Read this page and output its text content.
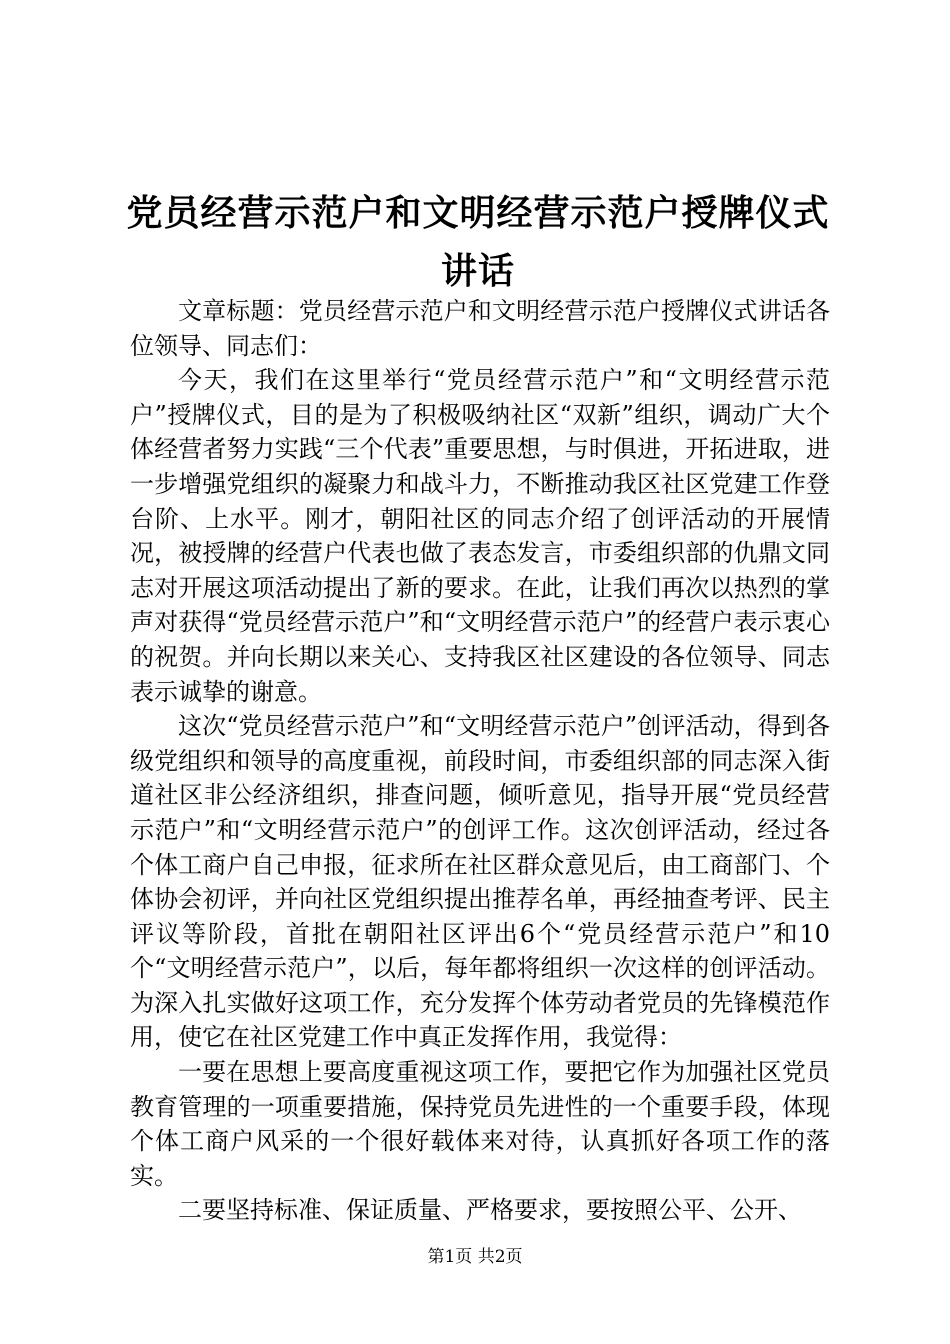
党员经营示范户和文明经营示范户授牌仪式讲话

文章标题：党员经营示范户和文明经营示范户授牌仪式讲话各位领导、同志们：

今天，我们在这里举行“党员经营示范户”和“文明经营示范户”授牌仪式，目的是为了积极吸纳社区“双新”组织，调动广大个体经营者努力实践“三个代表”重要思想，与时俱进，开拓进取，进一步增强党组织的凝聚力和战斗力，不断推动我区社区党建工作登台阶、上水平。刚才，朝阳社区的同志介绍了创评活动的开展情况，被授牌的经营户代表也做了表态发言，市委组织部的仇鼎文同志对开展这项活动提出了新的要求。在此，让我们再次以热烈的掌声对获得“党员经营示范户”和“文明经营示范户”的经营户表示衷心的祝贺。并向长期以来关心、支持我区社区建设的各位领导、同志表示诚挚的谢意。

这次“党员经营示范户”和“文明经营示范户”创评活动，得到各级党组织和领导的高度重视，前段时间，市委组织部的同志深入街道社区非公经济组织，排查问题，倾听意见，指导开展“党员经营示范户”和“文明经营示范户”的创评工作。这次创评活动，经过各个体工商户自己申报，征求所在社区群众意见后，由工商部门、个体协会初评，并向社区党组织提出推荐名单，再经抽查考评、民主评议等阶段，首批在朝阳社区评出6个“党员经营示范户”和10个“文明经营示范户”，以后，每年都将组织一次这样的创评活动。为深入扎实做好这项工作，充分发挥个体劳动者党员的先锋模范作用，使它在社区党建工作中真正发挥作用，我觉得：

一要在思想上要高度重视这项工作，要把它作为加强社区党员教育管理的一项重要措施，保持党员先进性的一个重要手段，体现个体工商户风采的一个很好载体来对待，认真抓好各项工作的落实。

二要坚持标准、保证质量、严格要求，要按照公平、公开、

第1页 共2页
